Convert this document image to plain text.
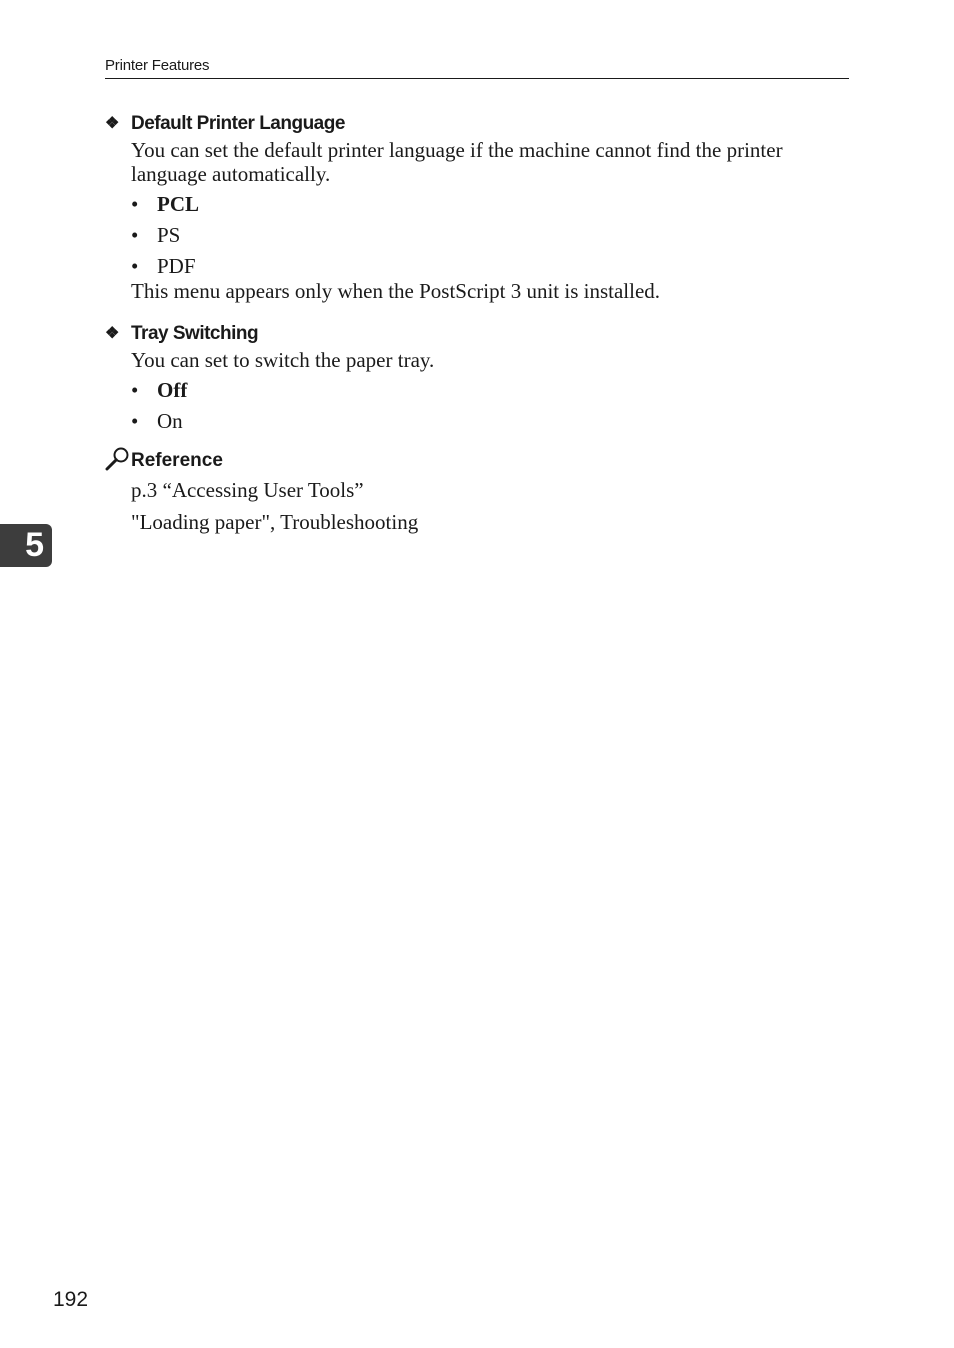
Printer Features
❖ Default Printer Language
You can set the default printer language if the machine cannot find the printer language automatically.
• PCL
• PS
• PDF
This menu appears only when the PostScript 3 unit is installed.
❖ Tray Switching
You can set to switch the paper tray.
• Off
• On
Reference
p.3 “Accessing User Tools”
"Loading paper", Troubleshooting
5
192
